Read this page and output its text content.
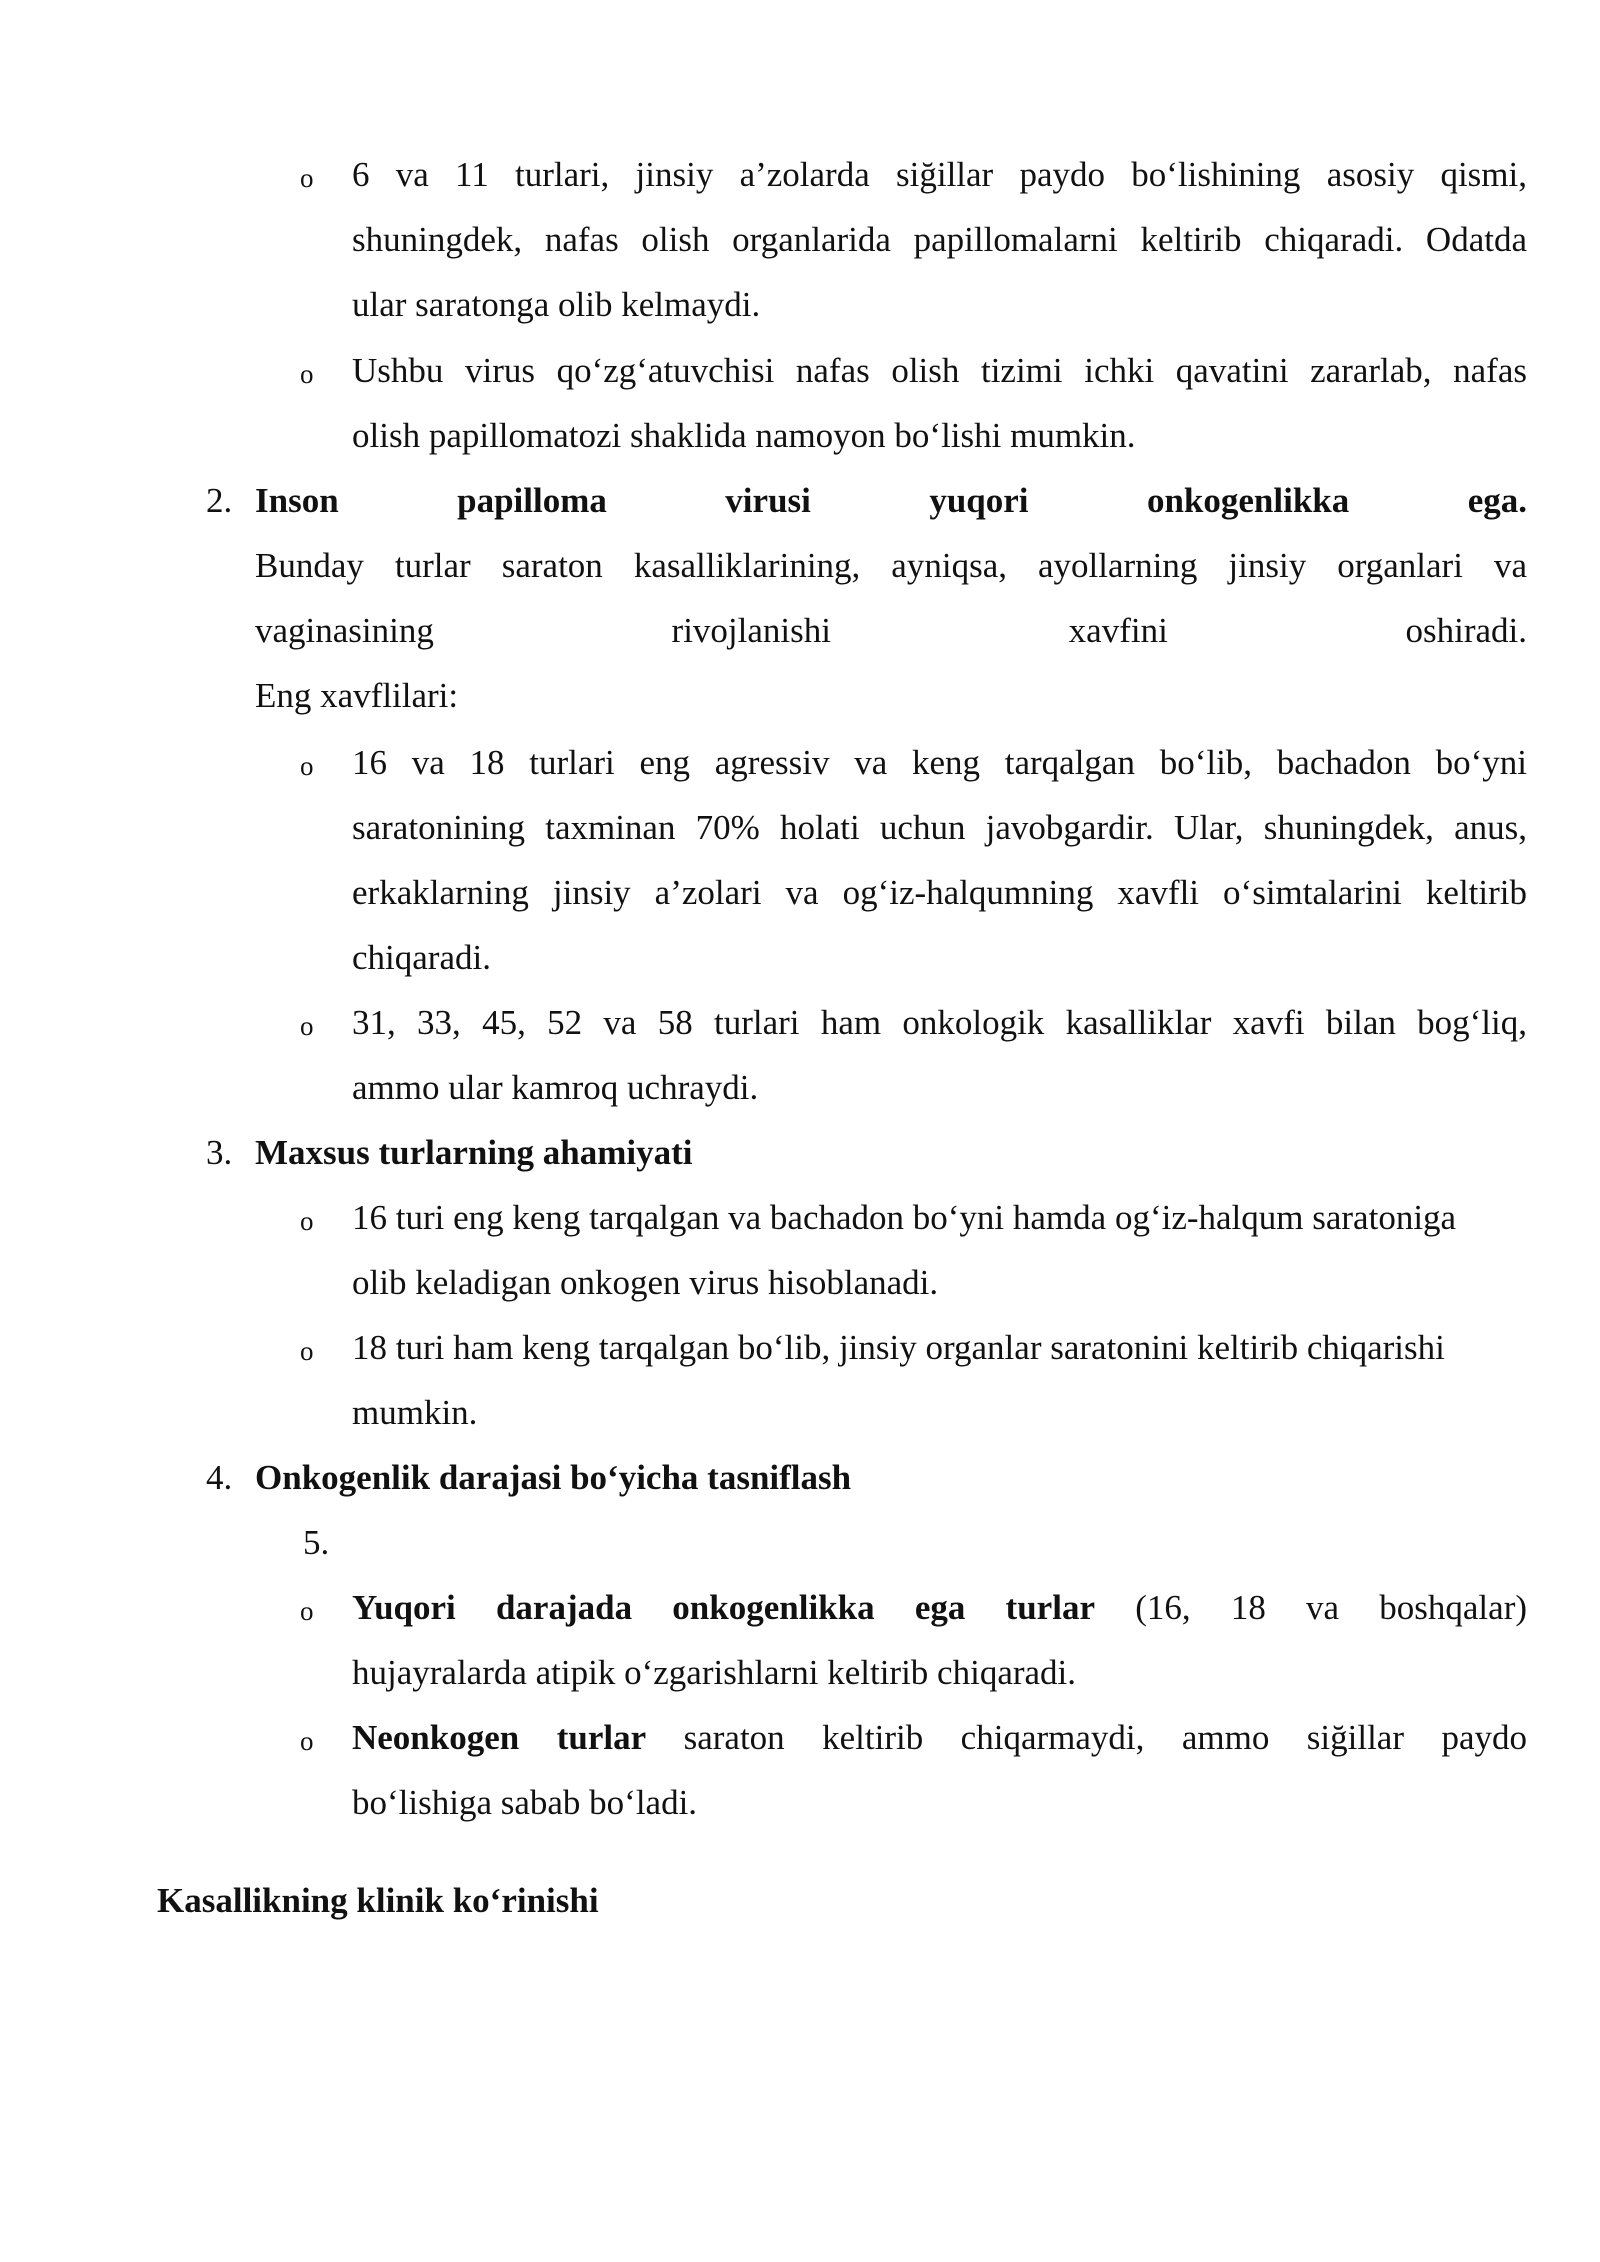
o 6 va 11 turlari, jinsiy a’zolarda siğillar paydo bo‘lishining asosiy qismi,
shuningdek, nafas olish organlarida papillomalarni keltirib chiqaradi. Odatda
ular saratonga olib kelmaydi.
o Ushbu virus qo‘zg‘atuvchisi nafas olish tizimi ichki qavatini zararlab, nafas
olish papillomatozi shaklida namoyon bo‘lishi mumkin.
2. Inson papilloma virusi yuqori onkogenlikka ega.
Bunday turlar saraton kasalliklarining, ayniqsa, ayollarning jinsiy organlari va
vaginasining rivojlanishi xavfini oshiradi.
Eng xavflilari:
o 16 va 18 turlari eng agressiv va keng tarqalgan bo‘lib, bachadon bo‘yni
saratonining taxminan 70% holati uchun javobgardir. Ular, shuningdek, anus,
erkaklarning jinsiy a’zolari va og‘iz-halqumning xavfli o‘simtalarini keltirib
chiqaradi.
o 31, 33, 45, 52 va 58 turlari ham onkologik kasalliklar xavfi bilan bog‘liq,
ammo ular kamroq uchraydi.
3. Maxsus turlarning ahamiyati
o 16 turi eng keng tarqalgan va bachadon bo‘yni hamda og‘iz-halqum saratoniga
olib keladigan onkogen virus hisoblanadi.
o 18 turi ham keng tarqalgan bo‘lib, jinsiy organlar saratonini keltirib chiqarishi
mumkin.
4. Onkogenlik darajasi bo‘yicha tasniflash
5.
o Yuqori darajada onkogenlikka ega turlar (16, 18 va boshqalar)
hujayralarda atipik o‘zgarishlarni keltirib chiqaradi.
o Neonkogen turlar saraton keltirib chiqarmaydi, ammo siğillar paydo
bo‘lishiga sabab bo‘ladi.
Kasallikning klinik ko‘rinishi
